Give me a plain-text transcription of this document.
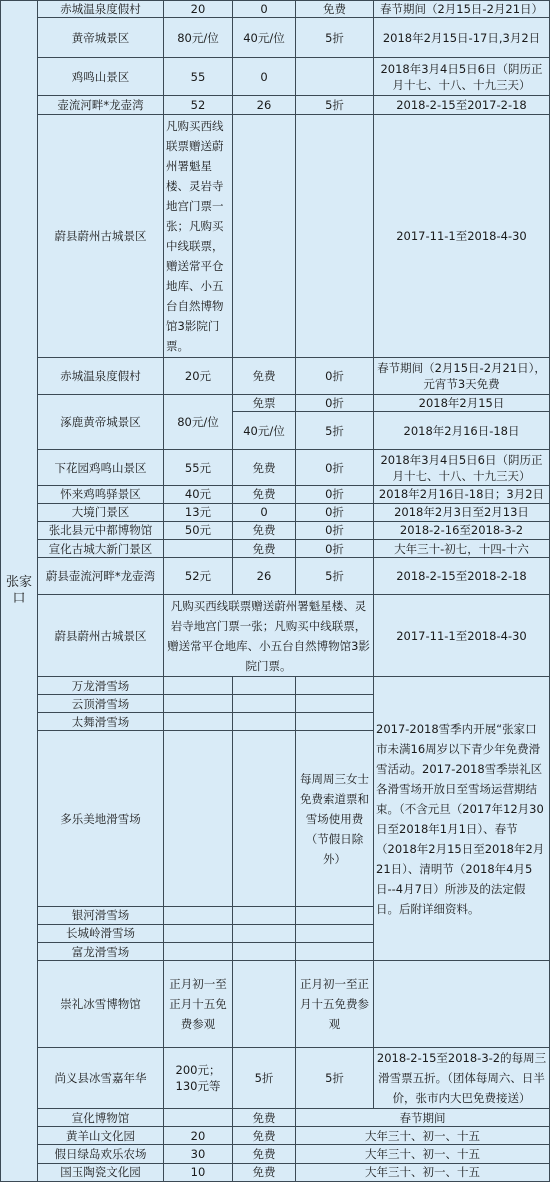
张家口	赤城温泉度假村	20	0	免费	春节期间（2月15日-2月21日）
	黄帝城景区	80元/位	40元/位	5折	2018年2月15日-17日,3月2日
	鸡鸣山景区	55	0		2018年3月4日5日6日（阴历正月十七、十八、十九三天）
	壶流河畔*龙壶湾	52	26	5折	2018-2-15至2017-2-18
	蔚县蔚州古城景区	凡购买西线联票赠送蔚州署魁星楼、灵岩寺地宫门票一张；凡购买中线联票，赠送常平仓地库、小五台自然博物馆3影院门票。			2017-11-1至2018-4-30
	赤城温泉度假村	20元	免费	0折	春节期间（2月15日-2月21日），元宵节3天免费
	涿鹿黄帝城景区	80元/位	免票	0折	2018年2月15日
			40元/位	5折	2018年2月16日-18日
	下花园鸡鸣山景区	55元	免费	0折	2018年3月4日5日6日（阴历正月十七、十八、十九三天）
	怀来鸡鸣驿景区	40元	免费	0折	2018年2月16日-18日；3月2日
	大境门景区	13元	0	0折	2018年2月3日至2月13日
	张北县元中都博物馆	50元	免费	0折	2018-2-16至2018-3-2
	宣化古城大新门景区		免费	0折	大年三十-初七，十四-十六
	蔚县壶流河畔*龙壶湾	52元	26	5折	2018-2-15至2018-2-18
	蔚县蔚州古城景区	凡购买西线联票赠送蔚州署魁星楼、灵岩寺地宫门票一张；凡购买中线联票，赠送常平仓地库、小五台自然博物馆3影院门票。			2017-11-1至2018-4-30
	万龙滑雪场				2017-2018雪季内开展“张家口市未满16周岁以下青少年免费滑雪活动。2017-2018雪季崇礼区各滑雪场开放日至雪场运营期结束。（不含元旦（2017年12月30日至2018年1月1日）、春节（2018年2月15日至2018年2月21日）、清明节（2018年4月5日--4月7日）所涉及的法定假日。后附详细资料。
	云顶滑雪场				
	太舞滑雪场				
	多乐美地滑雪场			每周周三女士免费索道票和雪场使用费（节假日除外）	
	银河滑雪场				
	长城岭滑雪场				
	富龙滑雪场				
	崇礼冰雪博物馆	正月初一至正月十五免费参观		正月初一至正月十五免费参观	
	尚义县冰雪嘉年华	200元；130元等	5折	5折	2018-2-15至2018-3-2的每周三滑雪票五折。（团体每周六、日半价，张市内大巴免费接送）
	宣化博物馆		免费	春节期间	
	黄羊山文化园	20	免费	大年三十、初一、十五	
	假日绿岛欢乐农场	30	免费	大年三十、初一、十五	
	国玉陶瓷文化园	10	免费	大年三十、初一、十五	
